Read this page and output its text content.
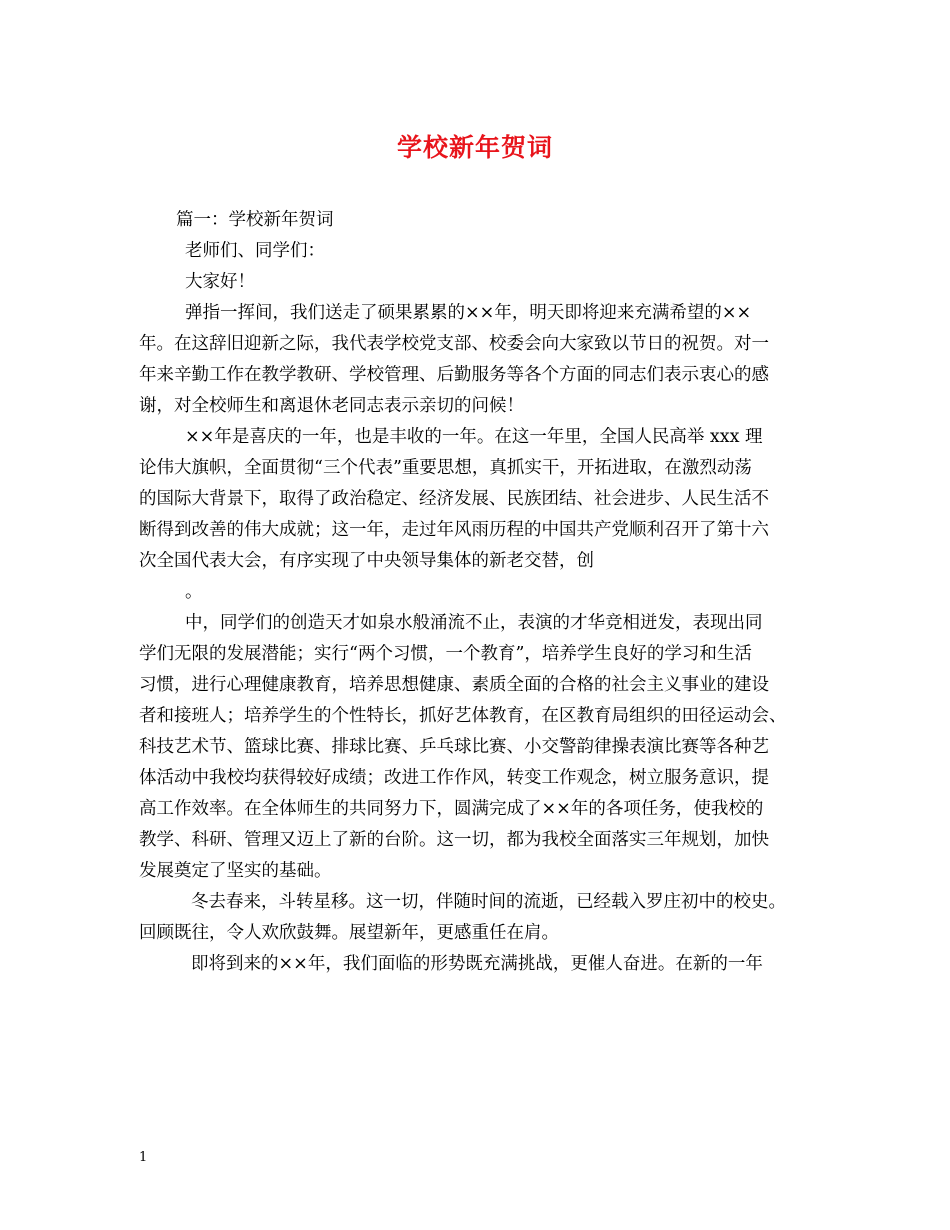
学校新年贺词
篇一：学校新年贺词
老师们、同学们：
大家好！
弹指一挥间，我们送走了硕果累累的××年，明天即将迎来充满希望的××
年。在这辞旧迎新之际，我代表学校党支部、校委会向大家致以节日的祝贺。对一
年来辛勤工作在教学教研、学校管理、后勤服务等各个方面的同志们表示衷心的感
谢，对全校师生和离退休老同志表示亲切的问候！
××年是喜庆的一年，也是丰收的一年。在这一年里，全国人民高举 xxx 理
论伟大旗帜，全面贯彻“三个代表”重要思想，真抓实干，开拓进取，在激烈动荡
的国际大背景下，取得了政治稳定、经济发展、民族团结、社会进步、人民生活不
断得到改善的伟大成就；这一年，走过年风雨历程的中国共产党顺利召开了第十六
次全国代表大会，有序实现了中央领导集体的新老交替，创
。
中，同学们的创造天才如泉水般涌流不止，表演的才华竞相迸发，表现出同
学们无限的发展潜能；实行“两个习惯，一个教育”，培养学生良好的学习和生活
习惯，进行心理健康教育，培养思想健康、素质全面的合格的社会主义事业的建设
者和接班人；培养学生的个性特长，抓好艺体教育，在区教育局组织的田径运动会、
科技艺术节、篮球比赛、排球比赛、乒乓球比赛、小交警韵律操表演比赛等各种艺
体活动中我校均获得较好成绩；改进工作作风，转变工作观念，树立服务意识，提
高工作效率。在全体师生的共同努力下，圆满完成了××年的各项任务，使我校的
教学、科研、管理又迈上了新的台阶。这一切，都为我校全面落实三年规划，加快
发展奠定了坚实的基础。
冬去春来，斗转星移。这一切，伴随时间的流逝，已经载入罗庄初中的校史。
回顾既往，令人欢欣鼓舞。展望新年，更感重任在肩。
即将到来的××年，我们面临的形势既充满挑战，更催人奋进。在新的一年
1
